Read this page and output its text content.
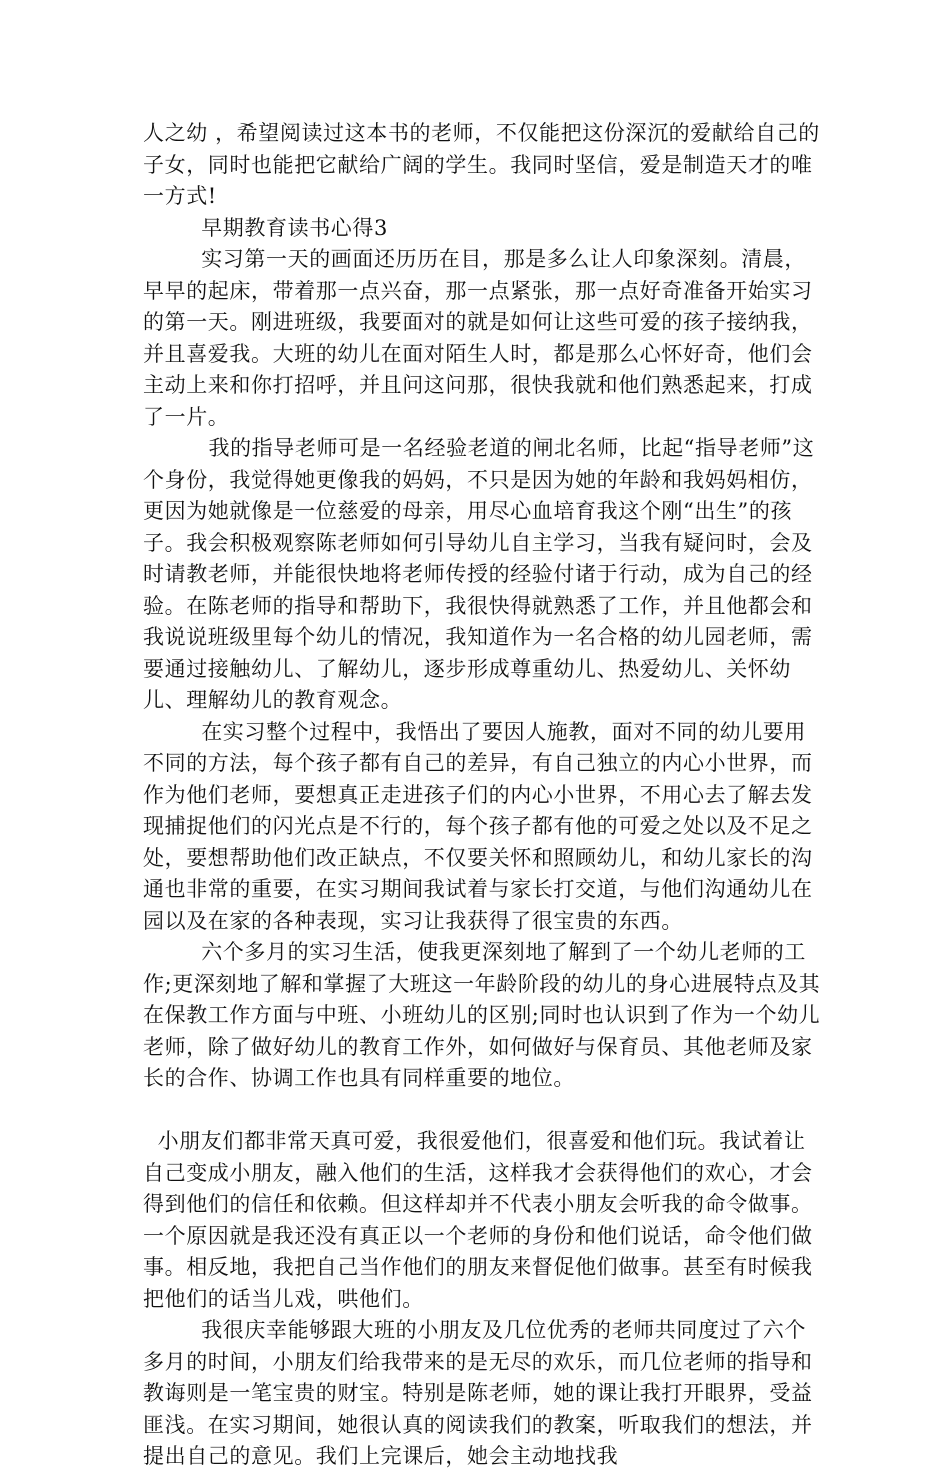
人之幼 ，希望阅读过这本书的老师，不仅能把这份深沉的爱献给自己的子女，同时也能把它献给广阔的学生。我同时坚信，爱是制造天才的唯一方式!

早期教育读书心得3

实习第一天的画面还历历在目，那是多么让人印象深刻。清晨，早早的起床，带着那一点兴奋，那一点紧张，那一点好奇准备开始实习的第一天。刚进班级，我要面对的就是如何让这些可爱的孩子接纳我，并且喜爱我。大班的幼儿在面对陌生人时，都是那么心怀好奇，他们会主动上来和你打招呼，并且问这问那，很快我就和他们熟悉起来，打成了一片。

我的指导老师可是一名经验老道的闸北名师，比起“指导老师”这个身份，我觉得她更像我的妈妈，不只是因为她的年龄和我妈妈相仿，更因为她就像是一位慈爱的母亲，用尽心血培育我这个刚“出生”的孩子。我会积极观察陈老师如何引导幼儿自主学习，当我有疑问时，会及时请教老师，并能很快地将老师传授的经验付诸于行动，成为自己的经验。在陈老师的指导和帮助下，我很快得就熟悉了工作，并且他都会和我说说班级里每个幼儿的情况，我知道作为一名合格的幼儿园老师，需要通过接触幼儿、了解幼儿，逐步形成尊重幼儿、热爱幼儿、关怀幼儿、理解幼儿的教育观念。

在实习整个过程中，我悟出了要因人施教，面对不同的幼儿要用不同的方法，每个孩子都有自己的差异，有自己独立的内心小世界，而作为他们老师，要想真正走进孩子们的内心小世界，不用心去了解去发现捕捉他们的闪光点是不行的，每个孩子都有他的可爱之处以及不足之处，要想帮助他们改正缺点，不仅要关怀和照顾幼儿，和幼儿家长的沟通也非常的重要，在实习期间我试着与家长打交道，与他们沟通幼儿在园以及在家的各种表现，实习让我获得了很宝贵的东西。

六个多月的实习生活，使我更深刻地了解到了一个幼儿老师的工作;更深刻地了解和掌握了大班这一年龄阶段的幼儿的身心进展特点及其在保教工作方面与中班、小班幼儿的区别;同时也认识到了作为一个幼儿老师，除了做好幼儿的教育工作外，如何做好与保育员、其他老师及家长的合作、协调工作也具有同样重要的地位。

小朋友们都非常天真可爱，我很爱他们，很喜爱和他们玩。我试着让自己变成小朋友，融入他们的生活，这样我才会获得他们的欢心，才会得到他们的信任和依赖。但这样却并不代表小朋友会听我的命令做事。一个原因就是我还没有真正以一个老师的身份和他们说话，命令他们做事。相反地，我把自己当作他们的朋友来督促他们做事。甚至有时候我把他们的话当儿戏，哄他们。

我很庆幸能够跟大班的小朋友及几位优秀的老师共同度过了六个多月的时间，小朋友们给我带来的是无尽的欢乐，而几位老师的指导和教诲则是一笔宝贵的财宝。特别是陈老师，她的课让我打开眼界，受益匪浅。在实习期间，她很认真的阅读我们的教案，听取我们的想法，并提出自己的意见。我们上完课后，她会主动地找我
